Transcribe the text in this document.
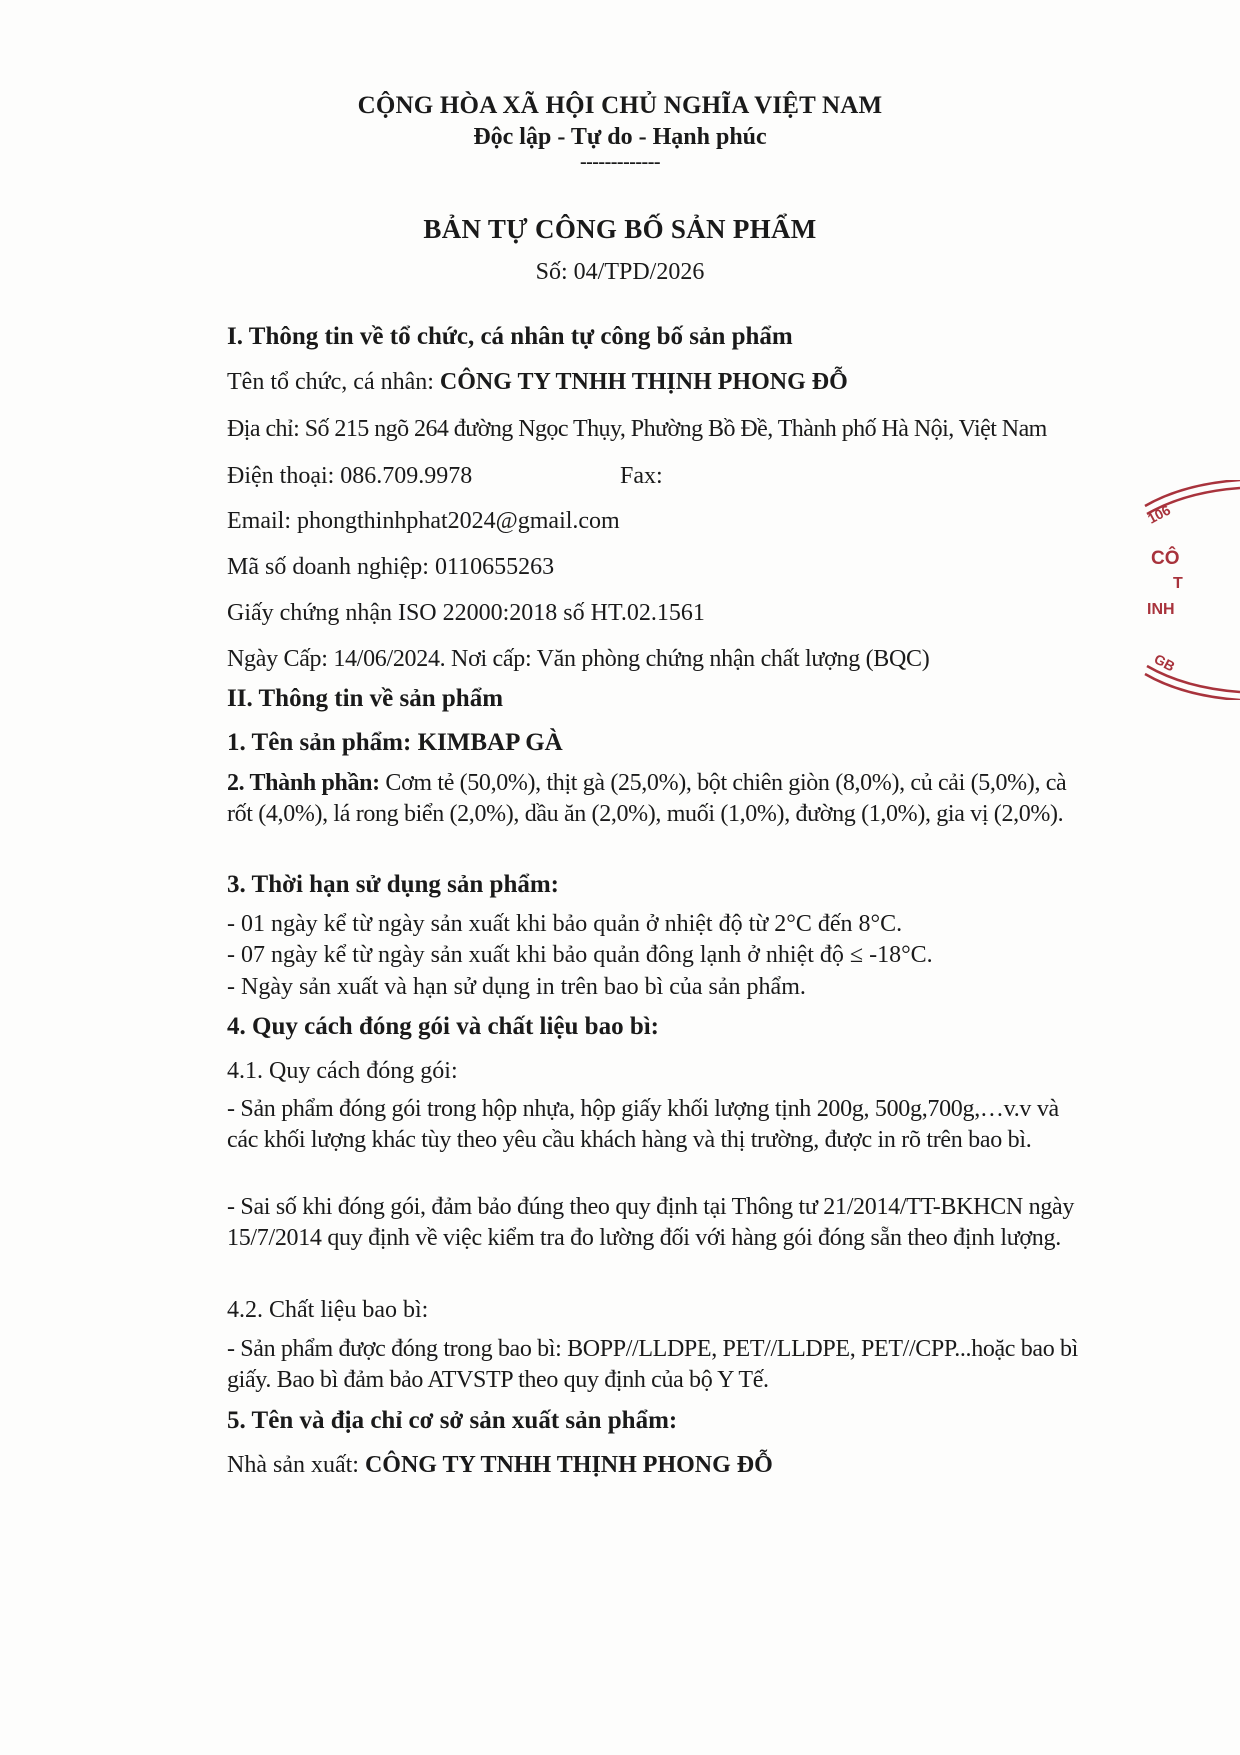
CỘNG HÒA XÃ HỘI CHỦ NGHĨA VIỆT NAM
Độc lập - Tự do - Hạnh phúc
-------------
BẢN TỰ CÔNG BỐ SẢN PHẨM
Số: 04/TPD/2026
I. Thông tin về tổ chức, cá nhân tự công bố sản phẩm
Tên tổ chức, cá nhân: CÔNG TY TNHH THỊNH PHONG ĐỖ
Địa chỉ: Số 215 ngõ 264 đường Ngọc Thụy, Phường Bồ Đề, Thành phố Hà Nội, Việt Nam
Điện thoại: 086.709.9978	Fax:
Email: phongthinhphat2024@gmail.com
Mã số doanh nghiệp: 0110655263
Giấy chứng nhận ISO 22000:2018 số HT.02.1561
Ngày Cấp: 14/06/2024. Nơi cấp: Văn phòng chứng nhận chất lượng (BQC)
II. Thông tin về sản phẩm
1. Tên sản phẩm: KIMBAP GÀ
2. Thành phần: Cơm tẻ (50,0%), thịt gà (25,0%), bột chiên giòn (8,0%), củ cải (5,0%), cà rốt (4,0%), lá rong biển (2,0%), dầu ăn (2,0%), muối (1,0%), đường (1,0%), gia vị (2,0%).
3. Thời hạn sử dụng sản phẩm:
- 01 ngày kể từ ngày sản xuất khi bảo quản ở nhiệt độ từ 2°C đến 8°C.
- 07 ngày kể từ ngày sản xuất khi bảo quản đông lạnh ở nhiệt độ ≤ -18°C.
- Ngày sản xuất và hạn sử dụng in trên bao bì của sản phẩm.
4. Quy cách đóng gói và chất liệu bao bì:
4.1. Quy cách đóng gói:
- Sản phẩm đóng gói trong hộp nhựa, hộp giấy khối lượng tịnh 200g, 500g,700g,…v.v và các khối lượng khác tùy theo yêu cầu khách hàng và thị trường, được in rõ trên bao bì.
- Sai số khi đóng gói, đảm bảo đúng theo quy định tại Thông tư 21/2014/TT-BKHCN ngày 15/7/2014 quy định về việc kiểm tra đo lường đối với hàng gói đóng sẵn theo định lượng.
4.2. Chất liệu bao bì:
- Sản phẩm được đóng trong bao bì: BOPP//LLDPE, PET//LLDPE, PET//CPP...hoặc bao bì giấy. Bao bì đảm bảo ATVSTP theo quy định của bộ Y Tế.
5. Tên và địa chỉ cơ sở sản xuất sản phẩm:
Nhà sản xuất: CÔNG TY TNHH THỊNH PHONG ĐỖ
106
CÔ
T
INH
GB
